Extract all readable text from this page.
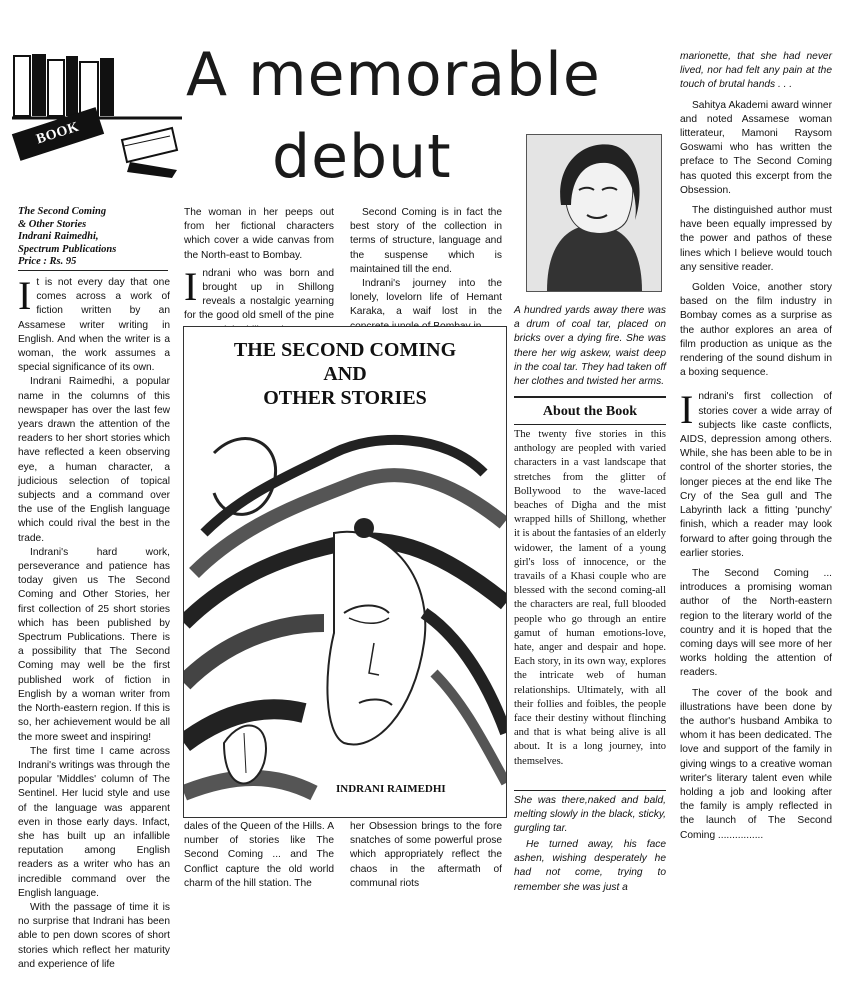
BOOK NOOK
A memorable
debut
The Second Coming
& Other Stories
Indrani Raimedhi,
Spectrum Publications
Price : Rs. 95

It is not every day that one comes across a work of fiction written by an Assamese writer writing in English. And when the writer is a woman, the work assumes a special significance of its own.

Indrani Raimedhi, a popular name in the columns of this newspaper has over the last few years drawn the attention of the readers to her short stories which have reflected a keen observing eye, a human character, a judicious selection of topical subjects and a command over the use of the English language which could rival the best in the trade.

Indrani's hard work, perseverance and patience has today given us The Second Coming and Other Stories, her first collection of 25 short stories which has been published by Spectrum Publications. There is a possibility that The Second Coming may well be the first published work of fiction in English by a woman writer from the North-eastern region. If this is so, her achievement would be all the more sweet and inspiring!

The first time I came across Indrani's writings was through the popular 'Middles' column of The Sentinel. Her lucid style and use of the language was apparent even in those early days. Infact, she has built up an infallible reputation among English readers as a writer who has an incredible command over the English language.

With the passage of time it is no surprise that Indrani has been able to pen down scores of short stories which reflect her maturity and experience of life

The woman in her peeps out from her fictional characters which cover a wide canvas from the North-east to Bombay.

Indrani who was born and brought up in Shillong reveals a nostalgic yearning for the good old smell of the pine

Second Coming is in fact the best story of the collection in terms of structure, language and the suspense which is maintained till the end.

Indrani's journey into the lonely, lovelorn life of Hemant Karaka, a waif lost in the

THE SECOND COMING
AND
OTHER STORIES
INDRANI RAIMEDHI

dales of the Queen of the Hills. A number of stories like The Second Coming ... and The Conflict capture the old world charm of the hill station. The

her Obsession brings to the fore snatches of some powerful prose which appropriately reflect the chaos in the aftermath of communal riots

A hundred yards away there was a drum of coal tar, placed on bricks over a dying fire. She was there her wig askew, waist deep in the coal tar. They had taken off her clothes and twisted her arms.
About the Book
The twenty five stories in this anthology are peopled with varied characters in a vast landscape that stretches from the glitter of Bollywood to the wave-laced beaches of Digha and the mist wrapped hills of Shillong, whether it is about the fantasies of an elderly widower, the lament of a young girl's loss of innocence, or the travails of a Khasi couple who are blessed with the second coming-all the characters are real, full blooded people who go through an entire gamut of human emotions-love, hate, anger and despair and hope. Each story, in its own way, explores the intricate web of human relationships. Ultimately, with all their follies and foibles, the people face their destiny without flinching and that is what being alive is all about. It is a long journey, into themselves.
She was there,naked and bald, melting slowly in the black, sticky, gurgling tar.
He turned away, his face ashen, wishing desperately he had not come, trying to remember she was just a

marionette, that she had never lived, nor had felt any pain at the touch of brutal hands . . .

Sahitya Akademi award winner and noted Assamese woman litterateur, Mamoni Raysom Goswami who has written the preface to The Second Coming has quoted this excerpt from the Obsession.

The distinguished author must have been equally impressed by the power and pathos of these lines which I believe would touch any sensitive reader.

Golden Voice, another story based on the film industry in Bombay comes as a surprise as the author explores an area of film production as unique as the rendering of the sound dishum in a boxing sequence.

Indrani's first collection of stories cover a wide array of subjects like caste conflicts, AIDS, depression among others. While, she has been able to be in control of the shorter stories, the longer pieces at the end like The Cry of the Sea gull and The Labyrinth lack a fitting 'punchy' finish, which a reader may look forward to after going through the earlier stories.

The Second Coming ... introduces a promising woman author of the North-eastern region to the literary world of the country and it is hoped that the coming days will see more of her works holding the attention of readers.

The cover of the book and illustrations have been done by the author's husband Ambika to whom it has been dedicated. The love and support of the family in giving wings to a creative woman writer's literary talent even while holding a job and looking after the family is amply reflected in the launch of The Second Coming ................
